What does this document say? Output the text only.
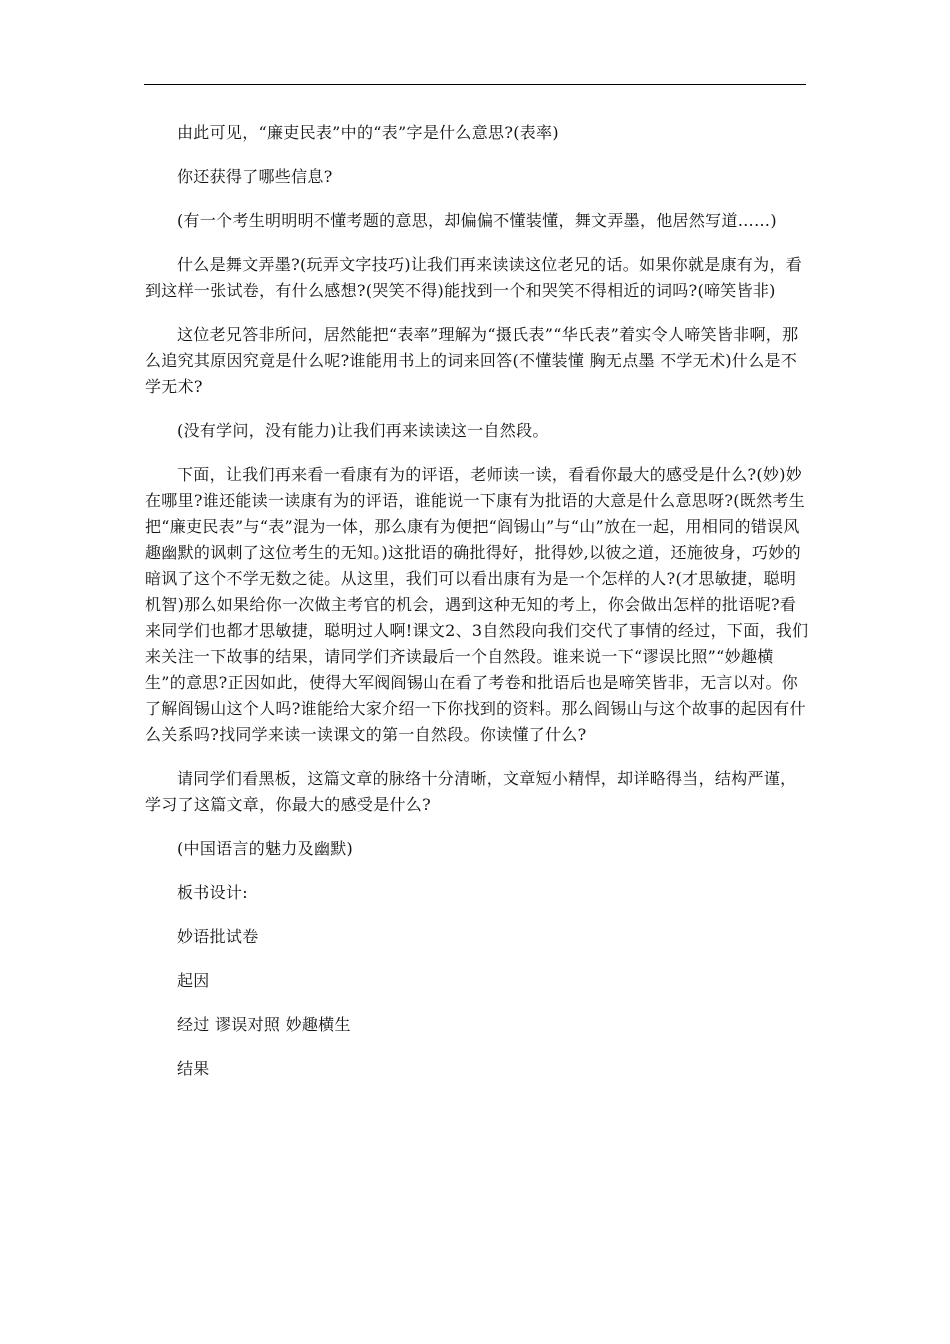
由此可见，“廉吏民表”中的“表”字是什么意思?(表率)

你还获得了哪些信息?

(有一个考生明明明不懂考题的意思，却偏偏不懂装懂，舞文弄墨，他居然写道……)

什么是舞文弄墨?(玩弄文字技巧)让我们再来读读这位老兄的话。如果你就是康有为，看到这样一张试卷，有什么感想?(哭笑不得)能找到一个和哭笑不得相近的词吗?(啼笑皆非)

这位老兄答非所问，居然能把“表率”理解为“摄氏表”“华氏表”着实令人啼笑皆非啊，那么追究其原因究竟是什么呢?谁能用书上的词来回答(不懂装懂 胸无点墨 不学无术)什么是不学无术?

(没有学问，没有能力)让我们再来读读这一自然段。

下面，让我们再来看一看康有为的评语，老师读一读，看看你最大的感受是什么?(妙)妙在哪里?谁还能读一读康有为的评语，谁能说一下康有为批语的大意是什么意思呀?(既然考生把“廉吏民表”与“表”混为一体，那么康有为便把“阎锡山”与“山”放在一起，用相同的错误风趣幽默的讽刺了这位考生的无知。)这批语的确批得好，批得妙,以彼之道，还施彼身，巧妙的暗讽了这个不学无数之徒。从这里，我们可以看出康有为是一个怎样的人?(才思敏捷，聪明机智)那么如果给你一次做主考官的机会，遇到这种无知的考上，你会做出怎样的批语呢?看来同学们也都才思敏捷，聪明过人啊!课文2、3自然段向我们交代了事情的经过，下面，我们来关注一下故事的结果，请同学们齐读最后一个自然段。谁来说一下“谬误比照”“妙趣横生”的意思?正因如此，使得大军阀阎锡山在看了考卷和批语后也是啼笑皆非，无言以对。你了解阎锡山这个人吗?谁能给大家介绍一下你找到的资料。那么阎锡山与这个故事的起因有什么关系吗?找同学来读一读课文的第一自然段。你读懂了什么?

请同学们看黑板，这篇文章的脉络十分清晰，文章短小精悍，却详略得当，结构严谨，学习了这篇文章，你最大的感受是什么?

(中国语言的魅力及幽默)

板书设计:

妙语批试卷

起因

经过 谬误对照 妙趣横生

结果
